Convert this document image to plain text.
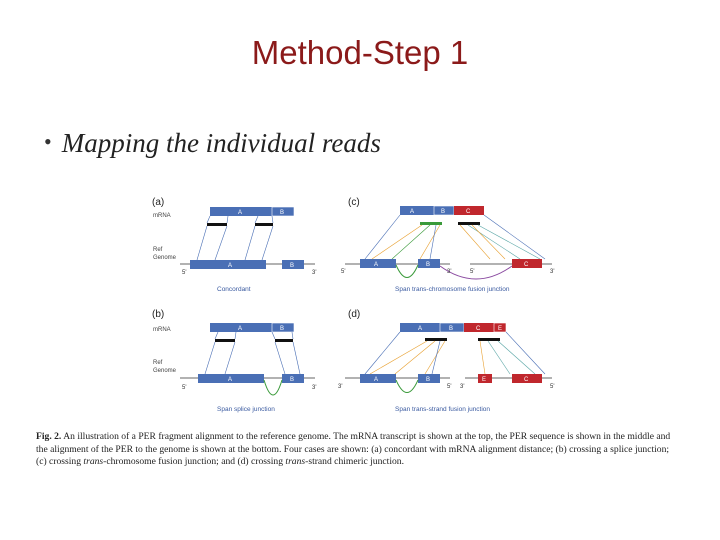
Method-Step 1
• Mapping the individual reads
(a)
mRNA	A	B
Ref
Genome
A	B
5'	3'
Concordant
(b)
mRNA	A	B
Ref
Genome
A	B
5'	3'
Span splice junction
(c)
A	B	C
A	B	C
5'	3'	5'	3'
Span trans-chromosome fusion junction
(d)
A	B	C	E
A	B	E	C
3'	5' 3'	5'
Span trans-strand fusion junction
Fig. 2. An illustration of a PER fragment alignment to the reference genome. The mRNA transcript is shown at the top, the PER sequence is shown in the middle and the alignment of the PER to the genome is shown at the bottom. Four cases are shown: (a) concordant with mRNA alignment distance; (b) crossing a splice junction; (c) crossing trans-chromosome fusion junction; and (d) crossing trans-strand chimeric junction.
